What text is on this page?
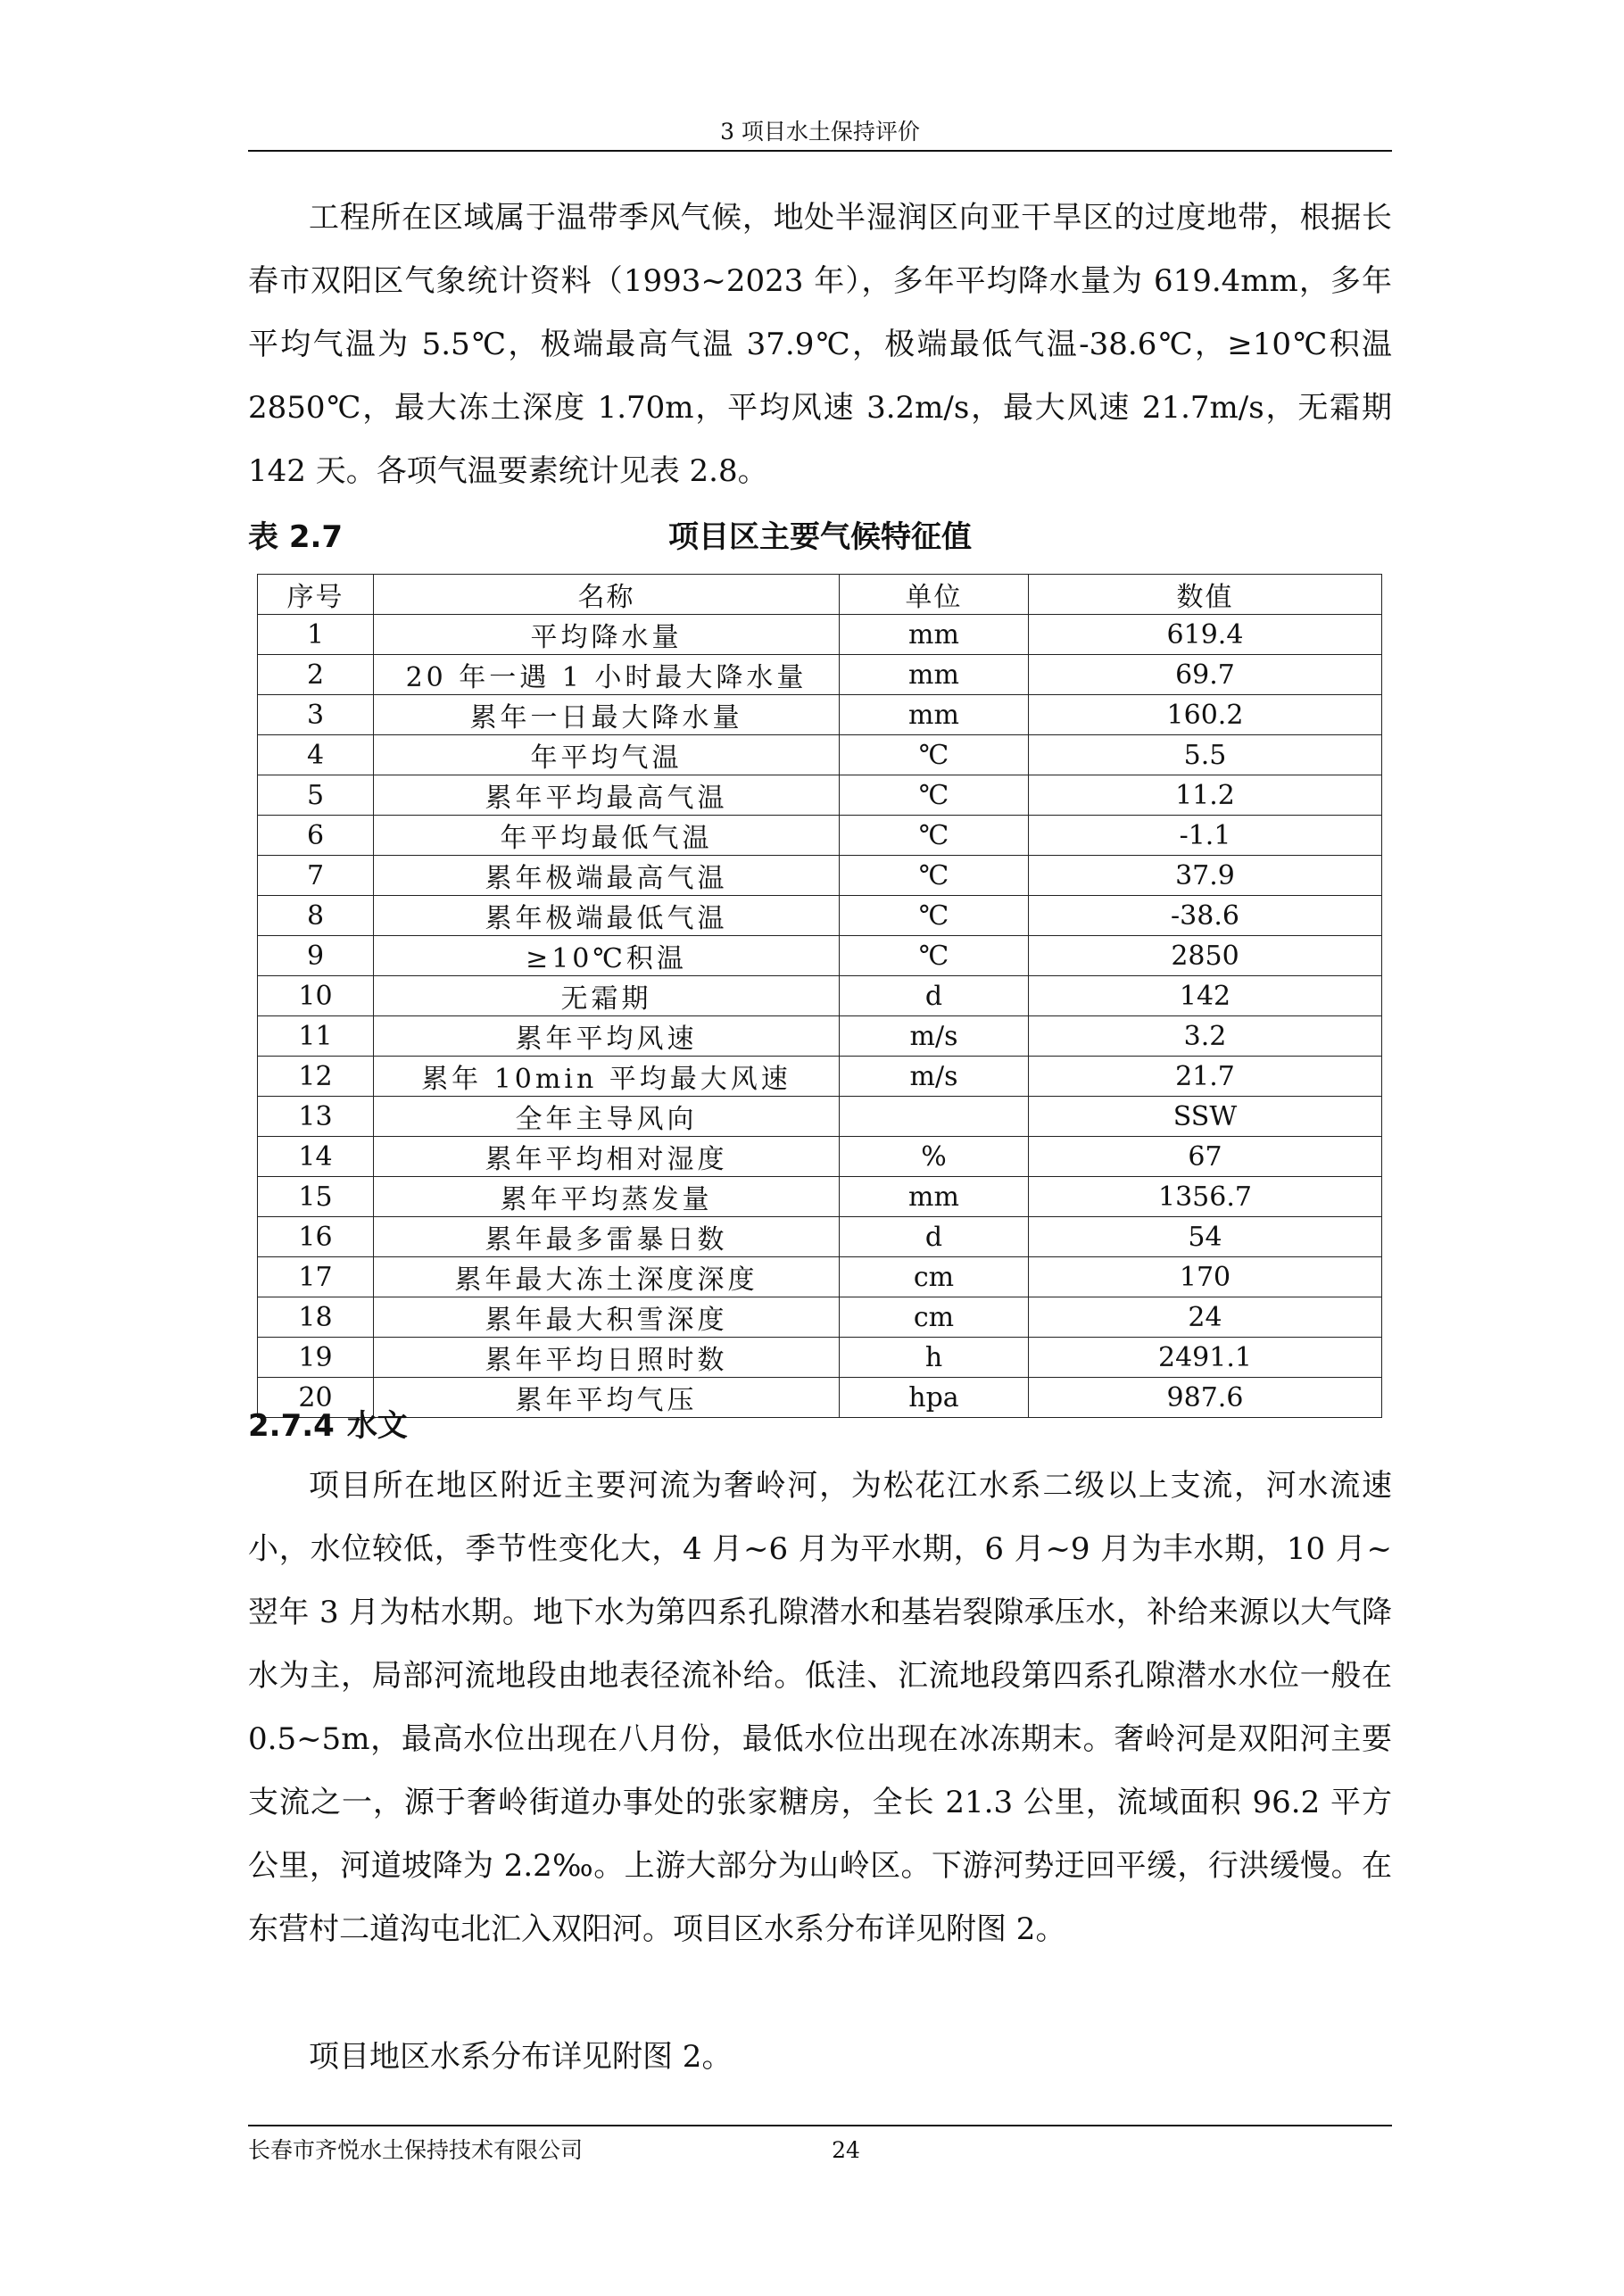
3 项目水土保持评价

工程所在区域属于温带季风气候，地处半湿润区向亚干旱区的过度地带，根据长春市双阳区气象统计资料（1993~2023 年），多年平均降水量为 619.4mm，多年平均气温为 5.5℃，极端最高气温 37.9℃，极端最低气温-38.6℃，≥10℃积温 2850℃，最大冻土深度 1.70m，平均风速 3.2m/s，最大风速 21.7m/s，无霜期 142 天。各项气温要素统计见表 2.8。

项目区主要气候特征值
表 2.7
序号	名称	单位	数值
1	平均降水量	mm	619.4
2	20 年一遇 1 小时最大降水量	mm	69.7
3	累年一日最大降水量	mm	160.2
4	年平均气温	℃	5.5
5	累年平均最高气温	℃	11.2
6	年平均最低气温	℃	-1.1
7	累年极端最高气温	℃	37.9
8	累年极端最低气温	℃	-38.6
9	≥10℃积温	℃	2850
10	无霜期	d	142
11	累年平均风速	m/s	3.2
12	累年 10min 平均最大风速	m/s	21.7
13	全年主导风向		SSW
14	累年平均相对湿度	%	67
15	累年平均蒸发量	mm	1356.7
16	累年最多雷暴日数	d	54
17	累年最大冻土深度深度	cm	170
18	累年最大积雪深度	cm	24
19	累年平均日照时数	h	2491.1
20	累年平均气压	hpa	987.6
2.7.4 水文

项目所在地区附近主要河流为奢岭河，为松花江水系二级以上支流，河水流速小，水位较低，季节性变化大，4 月~6 月为平水期，6 月~9 月为丰水期，10 月~翌年 3 月为枯水期。地下水为第四系孔隙潜水和基岩裂隙承压水，补给来源以大气降水为主，局部河流地段由地表径流补给。低洼、汇流地段第四系孔隙潜水水位一般在 0.5~5m，最高水位出现在八月份，最低水位出现在冰冻期末。奢岭河是双阳河主要支流之一，源于奢岭街道办事处的张家糖房，全长 21.3 公里，流域面积 96.2 平方公里，河道坡降为 2.2‰。上游大部分为山岭区。下游河势迂回平缓，行洪缓慢。在东营村二道沟屯北汇入双阳河。项目区水系分布详见附图 2。

项目地区水系分布详见附图 2。

长春市齐悦水土保持技术有限公司	24
